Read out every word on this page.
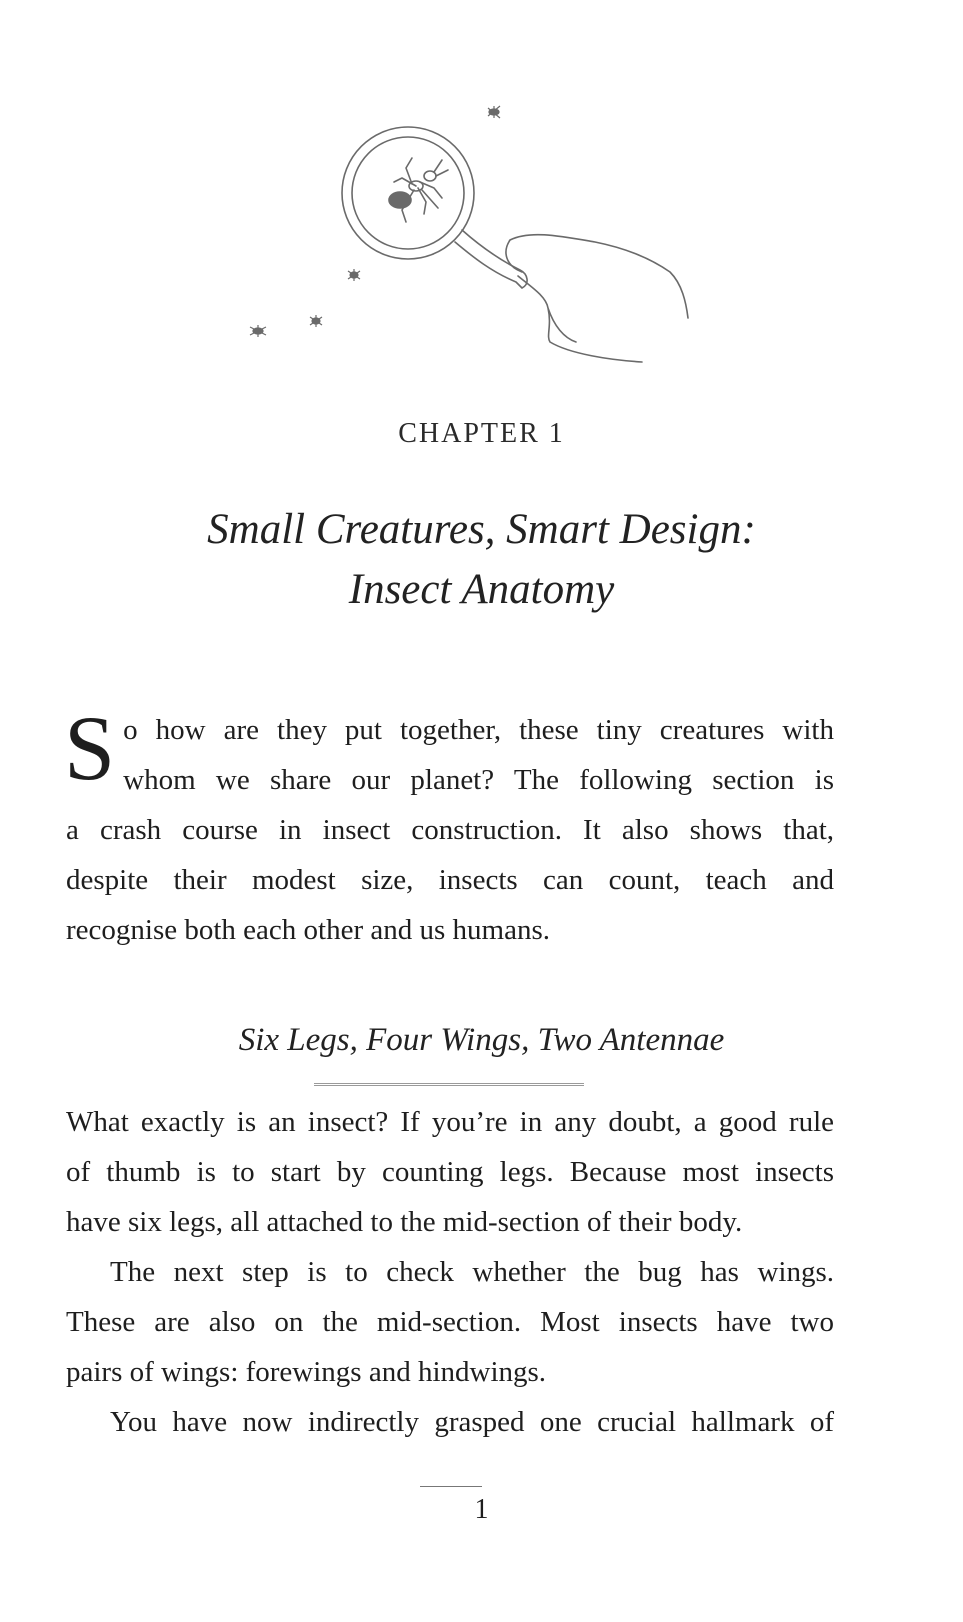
CHAPTER 1
Small Creatures, Smart Design:
Insect Anatomy
S o how are they put together, these tiny creatures with
whom we share our planet? The following section is
a crash course in insect construction. It also shows that,
despite their modest size, insects can count, teach and
recognise both each other and us humans.
Six Legs, Four Wings, Two Antennae
What exactly is an insect? If you’re in any doubt, a good rule
of thumb is to start by counting legs. Because most insects
have six legs, all attached to the mid-section of their body.
The next step is to check whether the bug has wings.
These are also on the mid-section. Most insects have two
pairs of wings: forewings and hindwings.
You have now indirectly grasped one crucial hallmark of
1
